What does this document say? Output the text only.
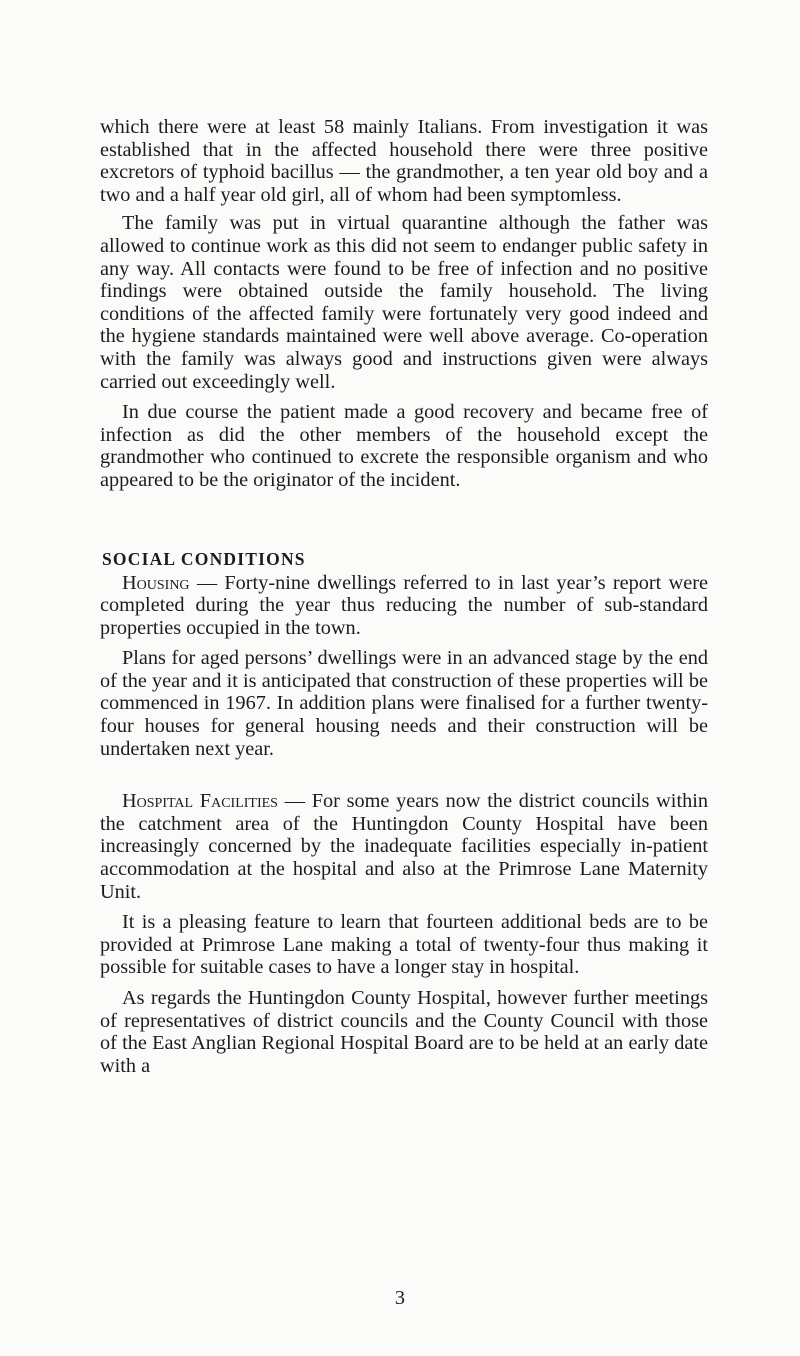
which there were at least 58 mainly Italians. From investigation it was established that in the affected household there were three positive excretors of typhoid bacillus — the grandmother, a ten year old boy and a two and a half year old girl, all of whom had been symptomless.

The family was put in virtual quarantine although the father was allowed to continue work as this did not seem to endanger public safety in any way. All contacts were found to be free of infection and no positive findings were obtained outside the family household. The living conditions of the affected family were fortunately very good indeed and the hygiene standards maintained were well above average. Co-operation with the family was always good and instructions given were always carried out exceedingly well.

In due course the patient made a good recovery and became free of infection as did the other members of the household except the grandmother who continued to excrete the responsible organism and who appeared to be the originator of the incident.

SOCIAL CONDITIONS

Housing — Forty-nine dwellings referred to in last year’s report were completed during the year thus reducing the number of sub-standard properties occupied in the town.

Plans for aged persons’ dwellings were in an advanced stage by the end of the year and it is anticipated that construction of these properties will be commenced in 1967. In addition plans were finalised for a further twenty-four houses for general housing needs and their construction will be undertaken next year.

Hospital Facilities — For some years now the district councils within the catchment area of the Huntingdon County Hospital have been increasingly concerned by the inadequate facilities especially in-patient accommodation at the hospital and also at the Primrose Lane Maternity Unit.

It is a pleasing feature to learn that fourteen additional beds are to be provided at Primrose Lane making a total of twenty-four thus making it possible for suitable cases to have a longer stay in hospital.

As regards the Huntingdon County Hospital, however further meetings of representatives of district councils and the County Council with those of the East Anglian Regional Hospital Board are to be held at an early date with a

3
